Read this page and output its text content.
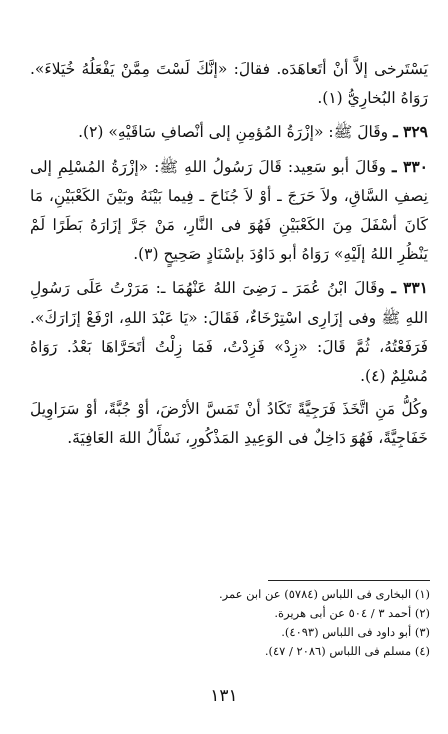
يَسْتَرخى إلاَّ أنْ أتَعاهَدَه. فقالَ: «إنَّكَ لَسْتَ مِمَّنْ يَفْعَلُهُ خُيَلاءَ». رَوَاهُ البُخارِيُّ (١).

٣٢٩ ـ وقَالَ ﷺ: «إزْرَةُ المُؤمِنِ إلى أنْصافِ سَاقَيْهِ» (٢).

٣٣٠ ـ وقَالَ أبو سَعِيد: قَالَ رَسُولُ اللهِ ﷺ: «إزْرَةُ المُسْلِمِ إلى نِصفِ السَّاقِ، ولاَ حَرَجَ ـ أوْ لاَ جُنَاحَ ـ فِيما بَيْنَهُ وبَيْنَ الكَعْبَيْنِ، مَا كَانَ أسْفَلَ مِنَ الكَعْبَيْنِ فَهُوَ فى النَّارِ، مَنْ جَرَّ إزَارَهُ بَطَرًا لَمْ يَنْظُرِ اللهُ إلَيْهِ» رَوَاهُ أبو دَاوُدَ بإسْنَادٍ صَحِيحٍ (٣).

٣٣١ ـ وقَالَ ابْنُ عُمَرَ ـ رَضِىَ اللهُ عَنْهُمَا ـ: مَرَرْتُ عَلَى رَسُولِ اللهِ ﷺ وفى إزَارِى اسْتِرْخَاءٌ، فَقَالَ: «يَا عَبْدَ اللهِ، ارْفَعْ إزَارَكَ». فَرَفَعْتُهُ، ثُمَّ قَالَ: «زِدْ» فَزِدْتُ، فَمَا زِلْتُ أتَحَرَّاهَا بَعْدُ. رَوَاهُ مُسْلِمٌ (٤).

وكُلُّ مَنِ اتَّخَذَ فَرَجِيَّةً تَكَادُ أنْ تَمَسَّ الأرْضَ، أوْ جُبَّةً، أوْ سَرَاوِيلَ خَفَاجِيَّةً، فَهُوَ دَاخِلٌ فى الوَعِيدِ المَذْكُورِ، نَسْأَلُ اللهَ العَافِيَةَ.

(١) البخارى فى اللباس (٥٧٨٤) عن ابن عمر.

(٢) أحمد ٣ / ٥٠٤ عن أبى هريرة.

(٣) أبو داود فى اللباس (٤٠٩٣).

(٤) مسلم فى اللباس (٢٠٨٦ / ٤٧).

١٣١
